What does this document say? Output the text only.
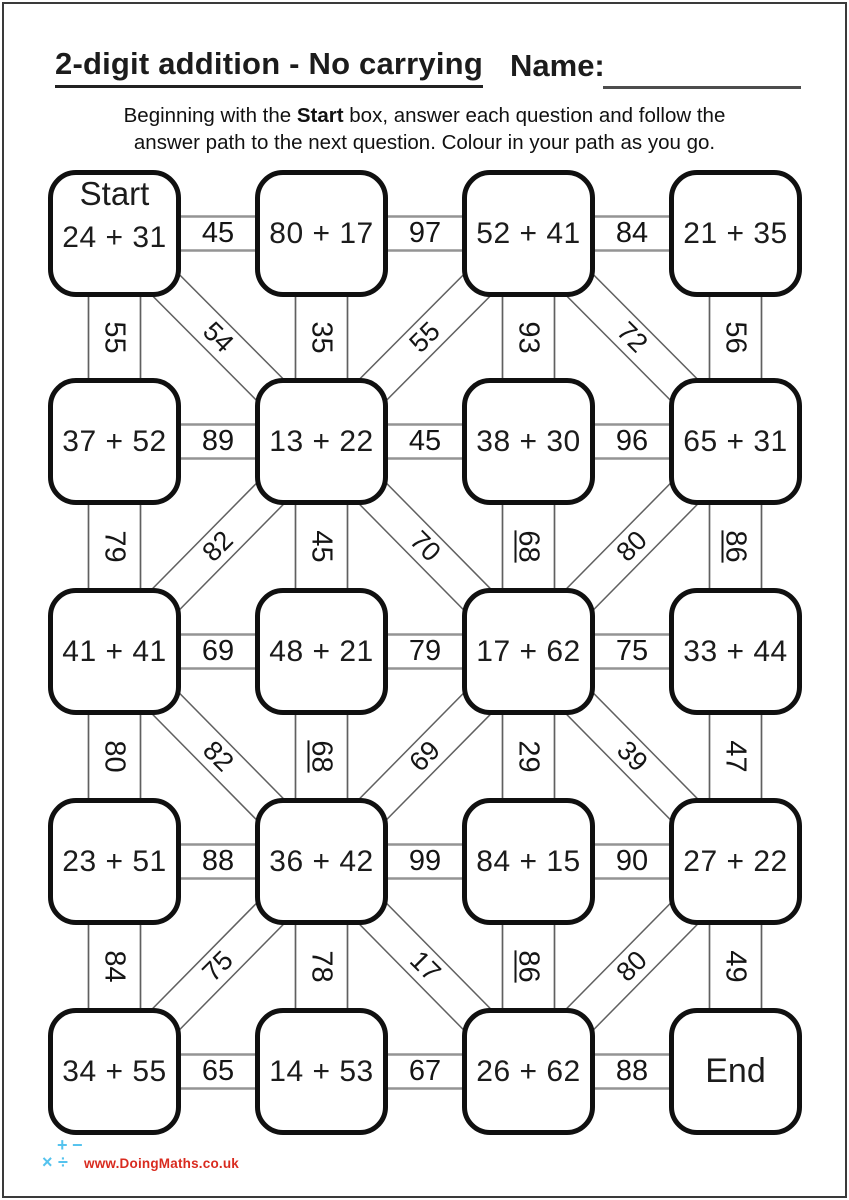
2-digit addition - No carrying Name:
Beginning with the Start box, answer each question and follow the
answer path to the next question. Colour in your path as you go.
Start
24 + 31	80 + 17	52 + 41	21 + 35
37 + 52	13 + 22	38 + 30	65 + 31
41 + 41	48 + 21	17 + 62	33 + 44
23 + 51	36 + 42	84 + 15	27 + 22
34 + 55	14 + 53	26 + 62	End
45	97	84
89	45	96
69	79	75
88	99	90
65	67	88
55	35	93	56
79	45	68	86
80	68	29	47
84	78	86	49
54	55	72
82	70	80
82	69	39
75	17	80
+ −
× ÷ www.DoingMaths.co.uk
